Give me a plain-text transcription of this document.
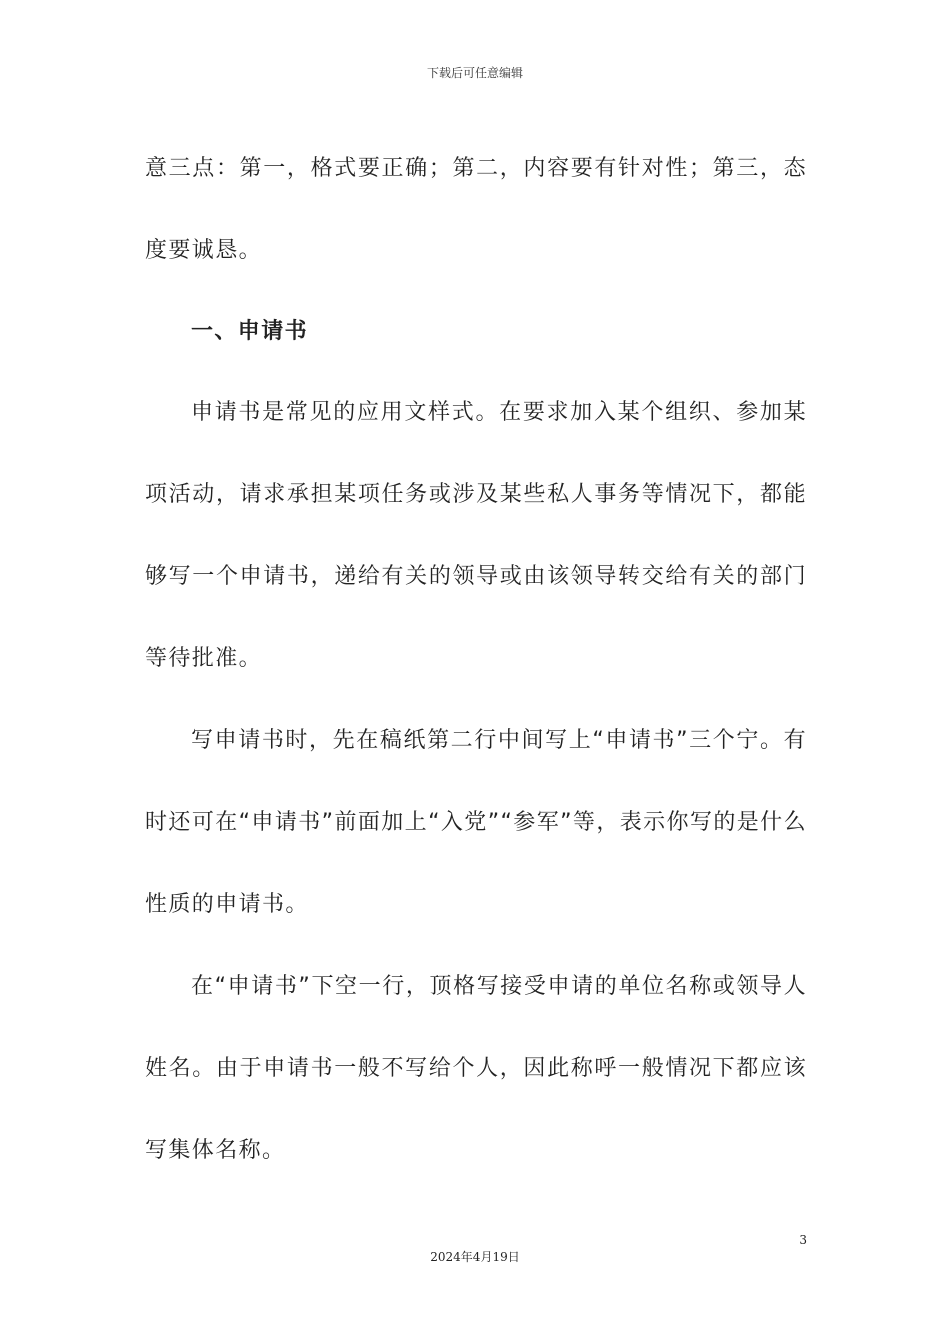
下载后可任意编辑

意三点：第一，格式要正确；第二，内容要有针对性；第三，态度要诚恳。

一、申请书

申请书是常见的应用文样式。在要求加入某个组织、参加某项活动，请求承担某项任务或涉及某些私人事务等情况下，都能够写一个申请书，递给有关的领导或由该领导转交给有关的部门等待批准。

写申请书时，先在稿纸第二行中间写上“申请书”三个宁。有时还可在“申请书”前面加上“入党”“参军”等，表示你写的是什么性质的申请书。

在“申请书”下空一行，顶格写接受申请的单位名称或领导人姓名。由于申请书一般不写给个人，因此称呼一般情况下都应该写集体名称。

3
2024年4月19日
